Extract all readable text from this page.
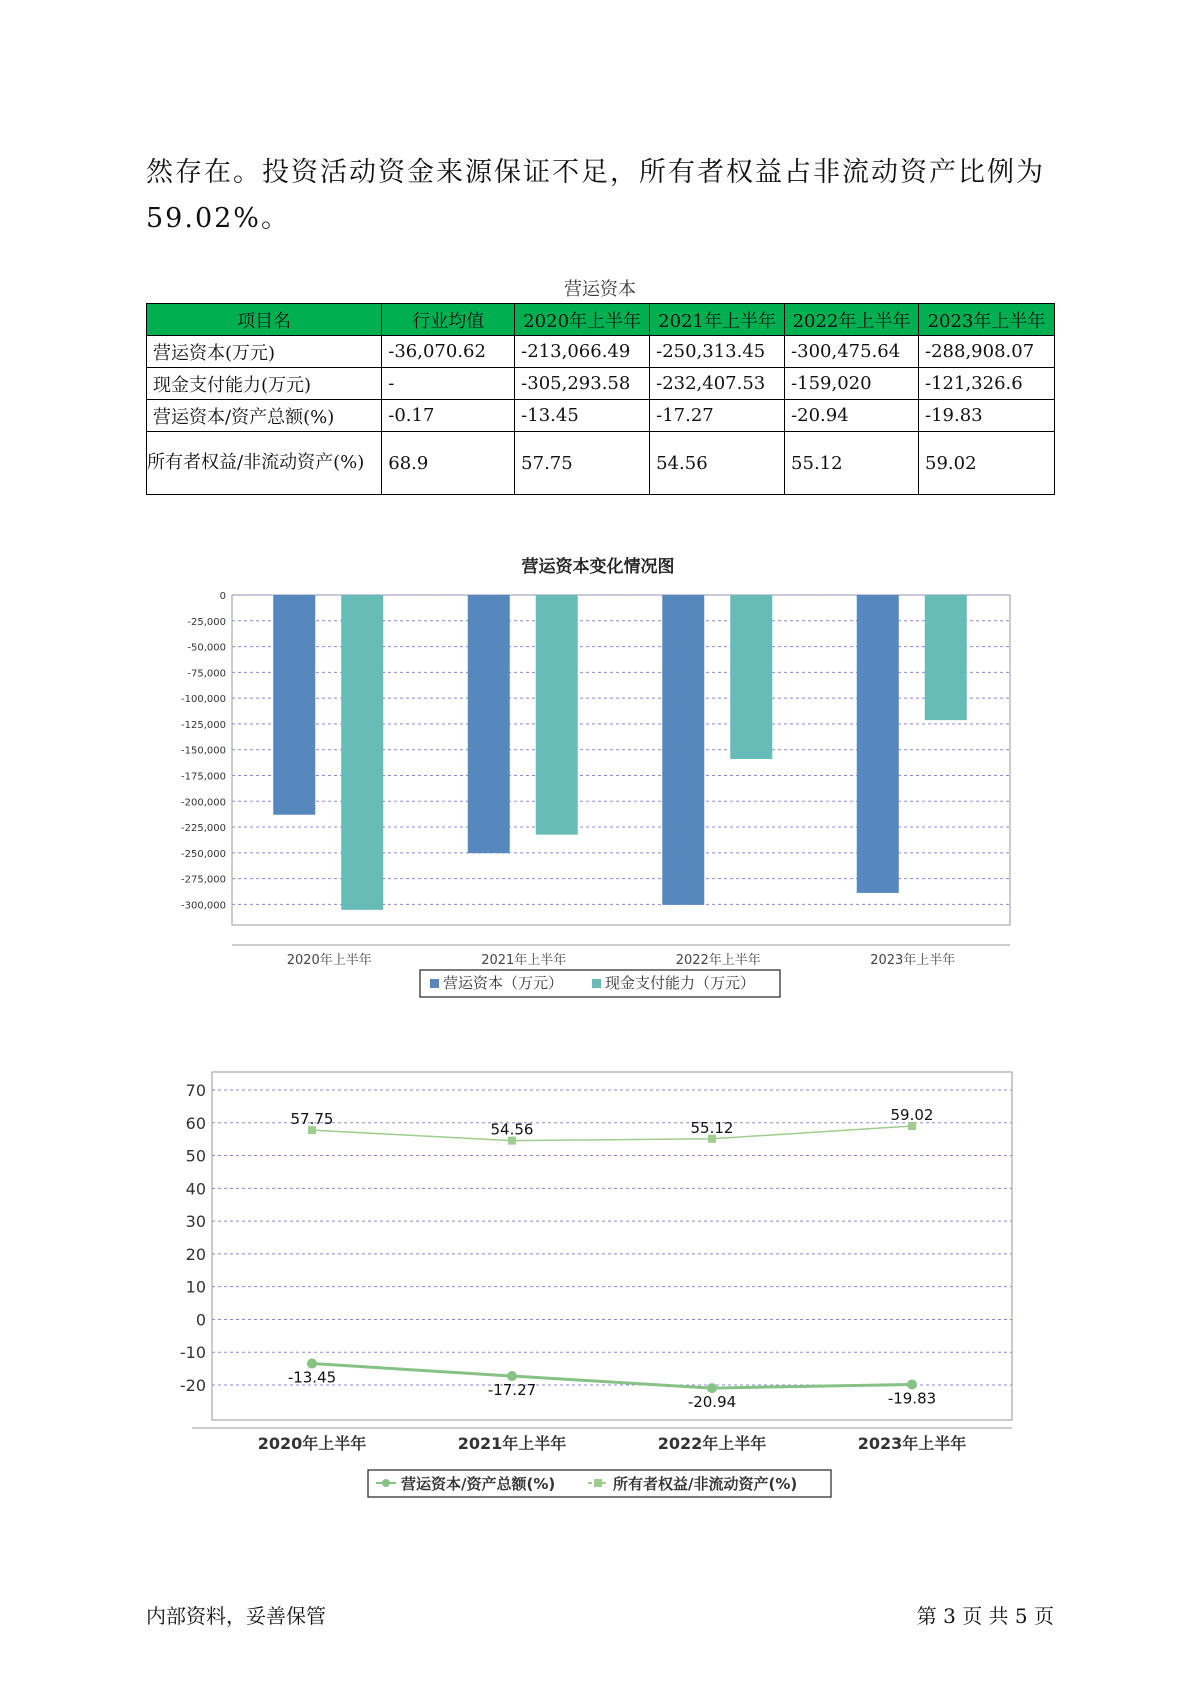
然存在。投资活动资金来源保证不足，所有者权益占非流动资产比例为
59.02%。
营运资本
项目名	行业均值	2020年上半年	2021年上半年	2022年上半年	2023年上半年
营运资本(万元)	-36,070.62	-213,066.49	-250,313.45	-300,475.64	-288,908.07
现金支付能力(万元)	-	-305,293.58	-232,407.53	-159,020	-121,326.6
营运资本/资产总额(%)	-0.17	-13.45	-17.27	-20.94	-19.83
所有者权益/非流动资产(%)	68.9	57.75	54.56	55.12	59.02
营运资本变化情况图
0
-25,000
-50,000
-75,000
-100,000
-125,000
-150,000
-175,000
-200,000
-225,000
-250,000
-275,000
-300,000
2020年上半年	2021年上半年	2022年上半年	2023年上半年
营运资本（万元）	现金支付能力（万元）
70
60
50
40
30
20
10
0
-10
-20
2020年上半年	2021年上半年	2022年上半年	2023年上半年
-13.45
-17.27
-20.94	-19.83
57.75
54.56	55.12
59.02
营运资本/资产总额(%)	所有者权益/非流动资产(%)
内部资料，妥善保管	第 3 页 共 5 页
